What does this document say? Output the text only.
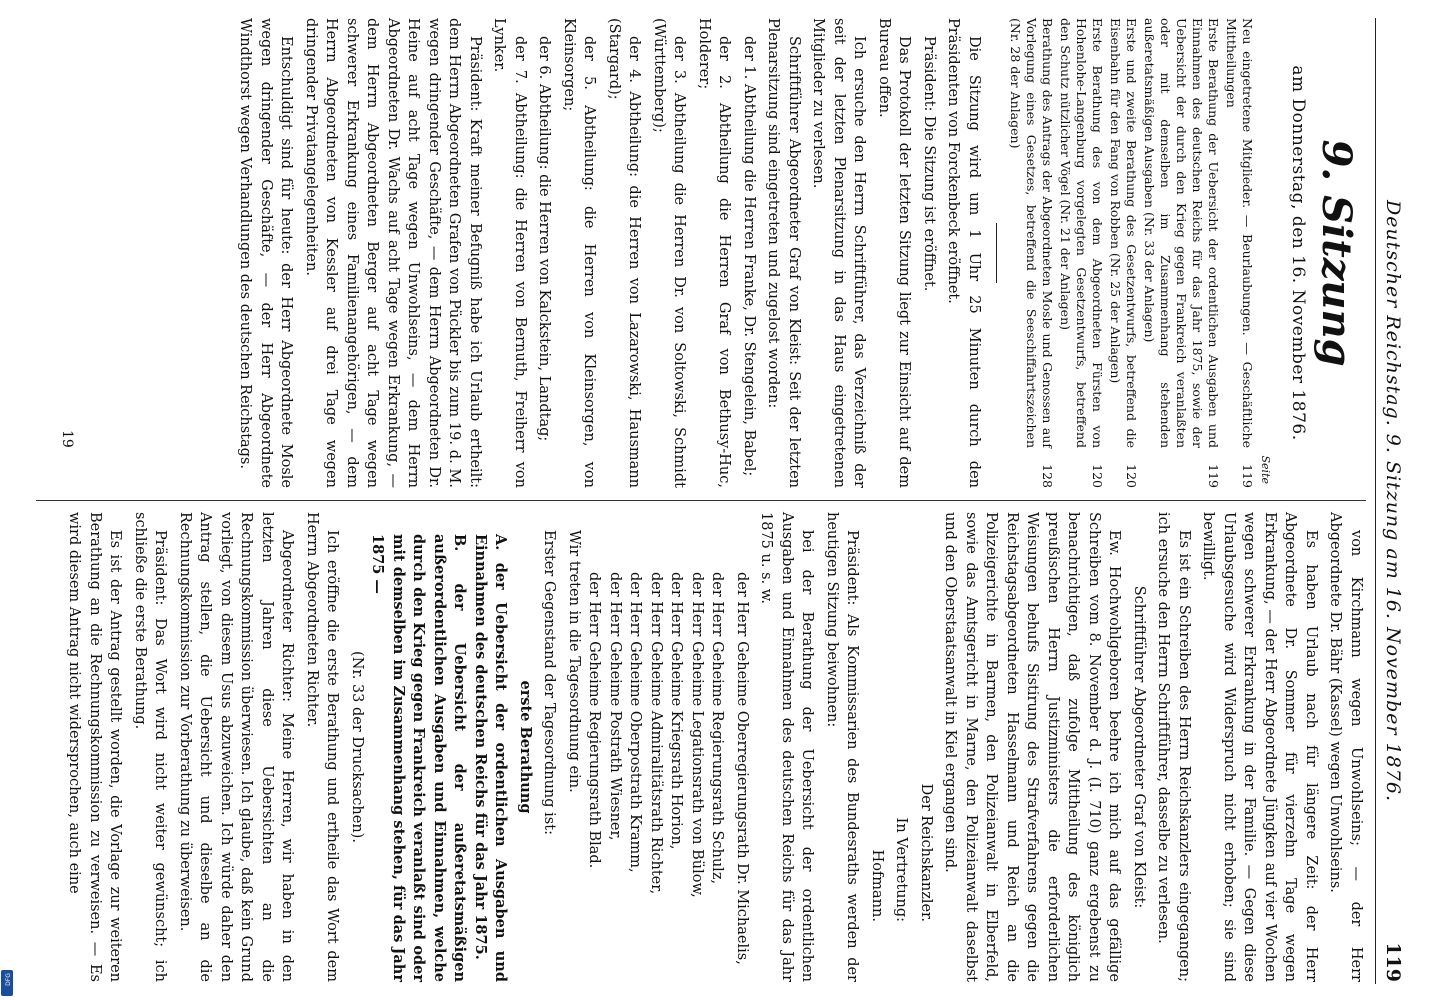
Deutscher Reichstag. 9. Sitzung am 16. November 1876.
119
9. Sitzung
am Donnerstag, den 16. November 1876.
Seite
Neu eingetretene Mitglieder. — Beurlaubungen. — Geschäftliche Mittheilungen
119
Erste Berathung der Uebersicht der ordentlichen Ausgaben und Einnahmen des deutschen Reichs für das Jahr 1875, sowie der Uebersicht der durch den Krieg gegen Frankreich veranlaßten oder mit demselben im Zusammenhang stehenden außeretatsmäßigen Ausgaben (Nr. 33 der Anlagen)
119
Erste und zweite Berathung des Gesetzentwurfs, betreffend die Eisenbahn für den Fang von Robben (Nr. 25 der Anlagen)
120
Erste Berathung des von dem Abgeordneten Fürsten von Hohenlohe-Langenburg vorgelegten Gesetzentwurfs, betreffend den Schutz nützlicher Vögel (Nr. 21 der Anlagen)
120
Berathung des Antrags der Abgeordneten Mosle und Genossen auf Vorlegung eines Gesetzes, betreffend die Seeschiffahrtszeichen (Nr. 28 der Anlagen)
128

Die Sitzung wird um 1 Uhr 25 Minuten durch den Präsidenten von Forckenbeck eröffnet.

Präsident: Die Sitzung ist eröffnet.

Das Protokoll der letzten Sitzung liegt zur Einsicht auf dem Bureau offen.

Ich ersuche den Herrn Schriftführer, das Verzeichniß der seit der letzten Plenarsitzung in das Haus eingetretenen Mitglieder zu verlesen.

Schriftführer Abgeordneter Graf von Kleist: Seit der letzten Plenarsitzung sind eingetreten und zugelost worden:

der 1. Abtheilung die Herren Franke, Dr. Stengelein, Babel;

der 2. Abtheilung die Herren Graf von Bethusy-Huc, Holderer;

der 3. Abtheilung die Herren Dr. von Soltowski, Schmidt (Württemberg);

der 4. Abtheilung: die Herren von Lazarowski, Hausmann (Stargard);

der 5. Abtheilung: die Herren von Kleinsorgen, von Kleinsorgen;

der 6. Abtheilung: die Herren von Kalckstein, Landtag;

der 7. Abtheilung: die Herren von Bernuth, Freiherr von Lynker.

Präsident: Kraft meiner Befugniß habe ich Urlaub ertheilt: dem Herrn Abgeordneten Grafen von Pückler bis zum 19. d. M. wegen dringender Geschäfte, — dem Herrn Abgeordneten Dr. Heine auf acht Tage wegen Unwohlseins, — dem Herrn Abgeordneten Dr. Wachs auf acht Tage wegen Erkrankung, — dem Herrn Abgeordneten Berger auf acht Tage wegen schwerer Erkrankung eines Familienangehörigen, — dem Herrn Abgeordneten von Kessler auf drei Tage wegen dringender Privatangelegenheiten.

Entschuldigt sind für heute: der Herr Abgeordnete Mosle wegen dringender Geschäfte, — der Herr Abgeordnete Windthorst wegen Verhandlungen des deutschen Reichstags.

von Kirchmann wegen Unwohlseins; — der Herr Abgeordnete Dr. Bähr (Kassel) wegen Unwohlseins.

Es haben Urlaub nach für längere Zeit: der Herr Abgeordnete Dr. Sommer für vierzehn Tage wegen Erkrankung, — der Herr Abgeordnete Jüngken auf vier Wochen wegen schwerer Erkrankung in der Familie. — Gegen diese Urlaubsgesuche wird Widerspruch nicht erhoben; sie sind bewilligt.

Es ist ein Schreiben des Herrn Reichskanzlers eingegangen; ich ersuche den Herrn Schriftführer, dasselbe zu verlesen.

Schriftführer Abgeordneter Graf von Kleist:

Ew. Hochwohlgeboren beehre ich mich auf das gefällige Schreiben vom 8. November d. J. (I. 710) ganz ergebenst zu benachrichtigen, daß zufolge Mittheilung des königlich preußischen Herrn Justizministers die erforderlichen Weisungen behufs Sistirung des Strafverfahrens gegen die Reichstagsabgeordneten Hasselmann und Reich an die Polizeigerichte in Barmen, den Polizeianwalt in Elberfeld, sowie das Amtsgericht in Marne, den Polizeianwalt daselbst und den Oberstaatsanwalt in Kiel ergangen sind.

Der Reichskanzler.

In Vertretung:

Hofmann.

Präsident: Als Kommissarien des Bundesraths werden der heutigen Sitzung beiwohnen:

bei der Berathung der Uebersicht der ordentlichen Ausgaben und Einnahmen des deutschen Reichs für das Jahr 1875 u. s. w.

der Herr Geheime Oberregierungsrath Dr. Michaelis,

der Herr Geheime Regierungsrath Schulz,

der Herr Geheime Legationsrath von Bülow,

der Herr Geheime Kriegsrath Horion,

der Herr Geheime Admiralitätsrath Richter,

der Herr Geheime Oberpostrath Kramm,

der Herr Geheime Postrath Wiesner,

der Herr Geheime Regierungsrath Blad.

Wir treten in die Tagesordnung ein.

Erster Gegenstand der Tagesordnung ist:

erste Berathung

A. der Uebersicht der ordentlichen Ausgaben und Einnahmen des deutschen Reichs für das Jahr 1875.

B. der Uebersicht der außeretatsmäßigen außerordentlichen Ausgaben und Einnahmen, welche durch den Krieg gegen Frankreich veranlaßt sind oder mit demselben im Zusammenhang stehen, für das Jahr 1875 —

(Nr. 33 der Drucksachen).

Ich eröffne die erste Berathung und ertheile das Wort dem Herrn Abgeordneten Richter.

Abgeordneter Richter: Meine Herren, wir haben in den letzten Jahren diese Uebersichten an die Rechnungskommission überwiesen. Ich glaube, daß kein Grund vorliegt, von diesem Usus abzuweichen. Ich würde daher den Antrag stellen, die Uebersicht und dieselbe an die Rechnungskommission zur Vorberathung zu überweisen.

Präsident: Das Wort wird nicht weiter gewünscht; ich schließe die erste Berathung.

Es ist der Antrag gestellt worden, die Vorlage zur weiteren Berathung an die Rechnungskommission zu verweisen. — Es wird diesem Antrag nicht widersprochen, auch eine

19
DFG
